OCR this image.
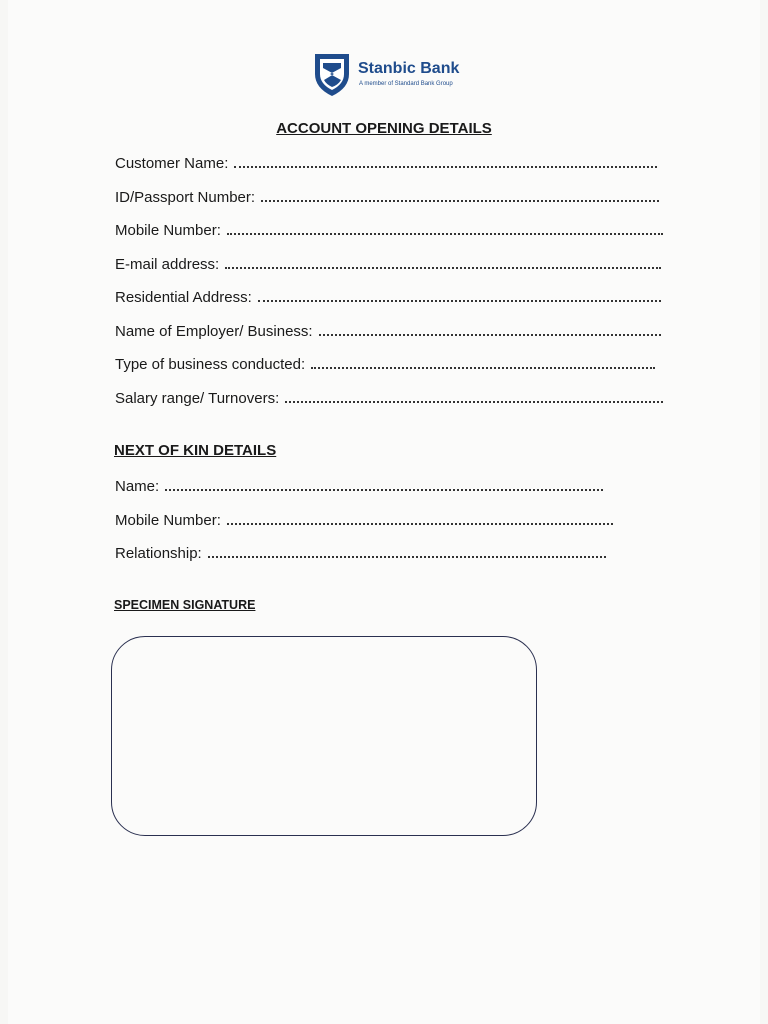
Stanbic Bank
A member of Standard Bank Group
ACCOUNT OPENING DETAILS
Customer Name:
ID/Passport Number:
Mobile Number:
E-mail address:
Residential Address:
Name of Employer/ Business:
Type of business conducted:
Salary range/ Turnovers:
NEXT OF KIN DETAILS
Name:
Mobile Number:
Relationship:
SPECIMEN SIGNATURE
